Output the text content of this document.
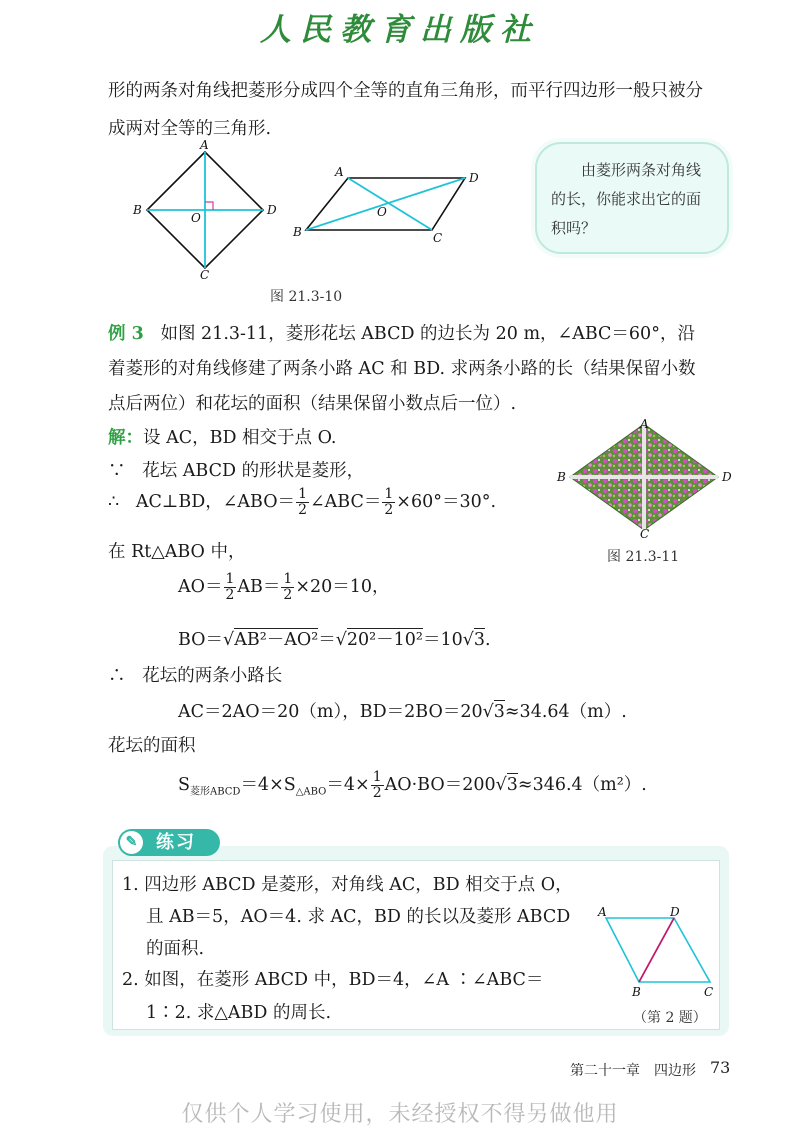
人民教育出版社
形的两条对角线把菱形分成四个全等的直角三角形，而平行四边形一般只被分
成两对全等的三角形.
A
B
C
D
O
A
B	C
D
O
图 21.3-10
由菱形两条对角线的长，你能求出它的面积吗？
例 3 如图 21.3-11，菱形花坛 ABCD 的边长为 20 m，∠ABC＝60°，沿
着菱形的对角线修建了两条小路 AC 和 BD. 求两条小路的长（结果保留小数
点后两位）和花坛的面积（结果保留小数点后一位）.
解：设 AC，BD 相交于点 O.
∵ 花坛 ABCD 的形状是菱形，
∴ AC⊥BD，∠ABO＝ $\frac{1}{2}$ ∠ABC＝ $\frac{1}{2} \times 60^\circ=30^\circ$.
在 Rt△ABO 中，
$AO= \frac{1}{2} AB= \frac{1}{2} \times 20=10$，
BO＝√AB²－AO²＝√20²－10²＝10√3.
∴ 花坛的两条小路长
AC＝2AO＝20（m），BD＝2BO＝20√3≈34.64（m）.
花坛的面积
$S_{菱形ABCD}=4\times S_{\triangle ABO}=4\times \frac{1}{2} AO\cdot BO=200√3\approx 346.4(m^2)$.
A
B
C
D
图 21.3-11
✎	练习
1. 四边形 ABCD 是菱形，对角线 AC，BD 相交于点 O，
且 AB＝5，AO＝4. 求 AC，BD 的长以及菱形 ABCD
的面积.
2. 如图，在菱形 ABCD 中，BD＝4，∠A ∶∠ABC＝
1∶2. 求△ABD 的周长.
A	D
B	C
（第 2 题）
第二十一章　四边形 73
仅供个人学习使用，未经授权不得另做他用
